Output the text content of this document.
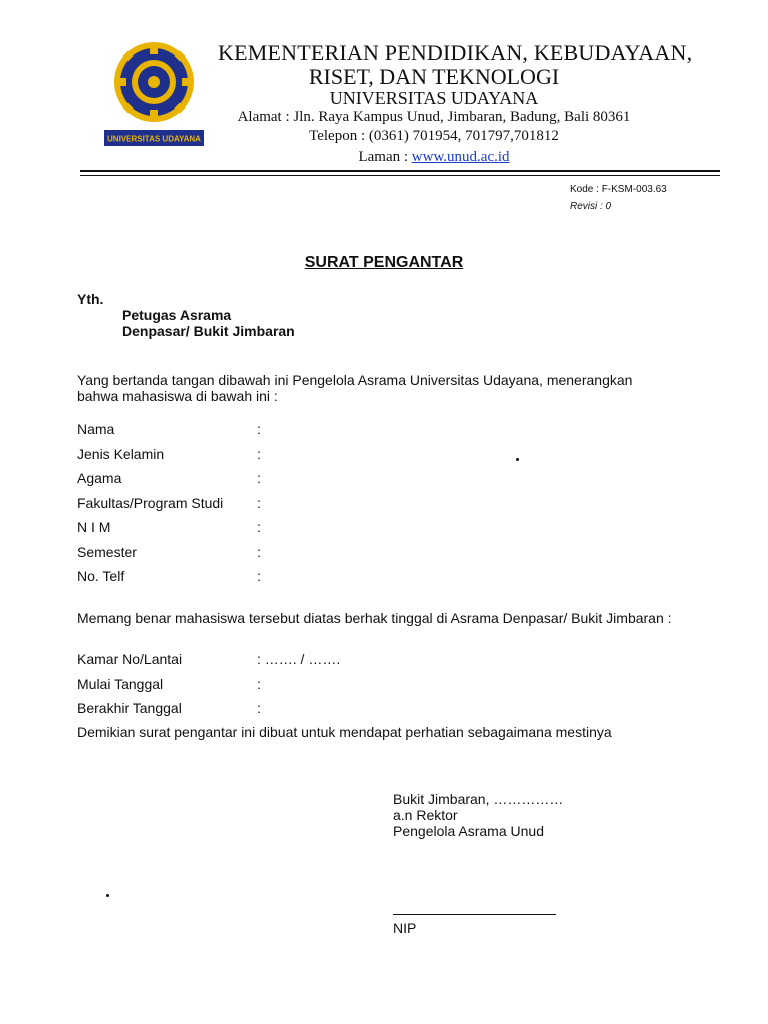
UNIVERSITAS UDAYANA
KEMENTERIAN PENDIDIKAN, KEBUDAYAAN,
RISET, DAN TEKNOLOGI
UNIVERSITAS UDAYANA
Alamat : Jln. Raya Kampus Unud, Jimbaran, Badung, Bali 80361
Telepon : (0361) 701954, 701797,701812
Laman : www.unud.ac.id
Kode : F-KSM-003.63
Revisi : 0
SURAT PENGANTAR
Yth.
Petugas Asrama
Denpasar/ Bukit Jimbaran
Yang bertanda tangan dibawah ini Pengelola Asrama Universitas Udayana, menerangkan
bahwa mahasiswa di bawah ini :
Nama	:
Jenis Kelamin	:
Agama	:
Fakultas/Program Studi :
N I M	:
Semester	:
No. Telf	:
Memang benar mahasiswa tersebut diatas berhak tinggal di Asrama Denpasar/ Bukit Jimbaran :
Kamar No/Lantai	: ……. / …….
Mulai Tanggal	:
Berakhir Tanggal	:
Demikian surat pengantar ini dibuat untuk mendapat perhatian sebagaimana mestinya
Bukit Jimbaran, ……………
a.n Rektor
Pengelola Asrama Unud
NIP
